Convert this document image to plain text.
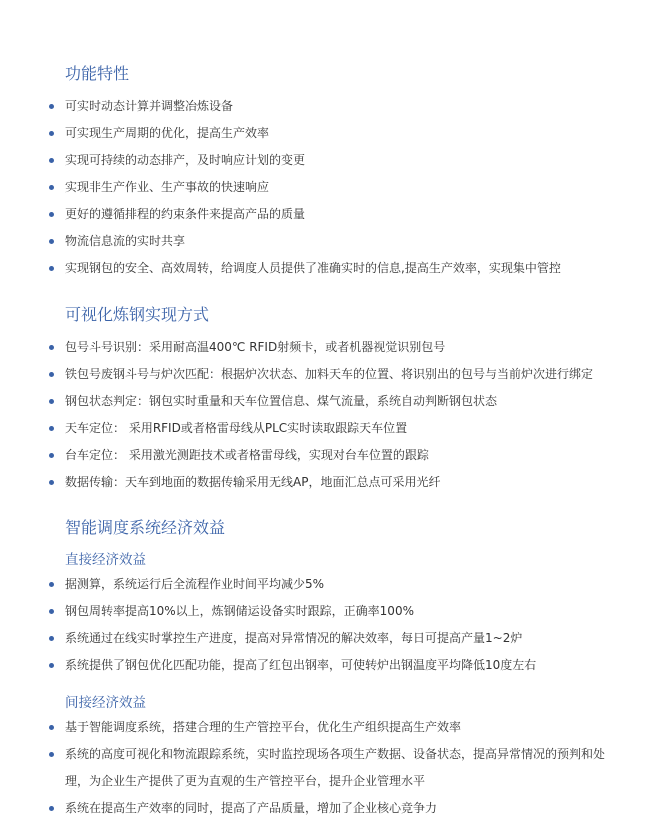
功能特性
可实时动态计算并调整冶炼设备
可实现生产周期的优化，提高生产效率
实现可持续的动态排产，及时响应计划的变更
实现非生产作业、生产事故的快速响应
更好的遵循排程的约束条件来提高产品的质量
物流信息流的实时共享
实现钢包的安全、高效周转，给调度人员提供了准确实时的信息,提高生产效率，实现集中管控
可视化炼钢实现方式
包号斗号识别：采用耐高温400℃ RFID射频卡，或者机器视觉识别包号
铁包号废钢斗号与炉次匹配：根据炉次状态、加料天车的位置、将识别出的包号与当前炉次进行绑定
钢包状态判定：钢包实时重量和天车位置信息、煤气流量，系统自动判断钢包状态
天车定位： 采用RFID或者格雷母线从PLC实时读取跟踪天车位置
台车定位： 采用激光测距技术或者格雷母线，实现对台车位置的跟踪
数据传输：天车到地面的数据传输采用无线AP，地面汇总点可采用光纤
智能调度系统经济效益
直接经济效益
据测算，系统运行后全流程作业时间平均减少5%
钢包周转率提高10%以上，炼钢储运设备实时跟踪，正确率100%
系统通过在线实时掌控生产进度，提高对异常情况的解决效率，每日可提高产量1~2炉
系统提供了钢包优化匹配功能，提高了红包出钢率，可使转炉出钢温度平均降低10度左右
间接经济效益
基于智能调度系统，搭建合理的生产管控平台，优化生产组织提高生产效率
系统的高度可视化和物流跟踪系统，实时监控现场各项生产数据、设备状态，提高异常情况的预判和处理，为企业生产提供了更为直观的生产管控平台，提升企业管理水平
系统在提高生产效率的同时，提高了产品质量，增加了企业核心竞争力
